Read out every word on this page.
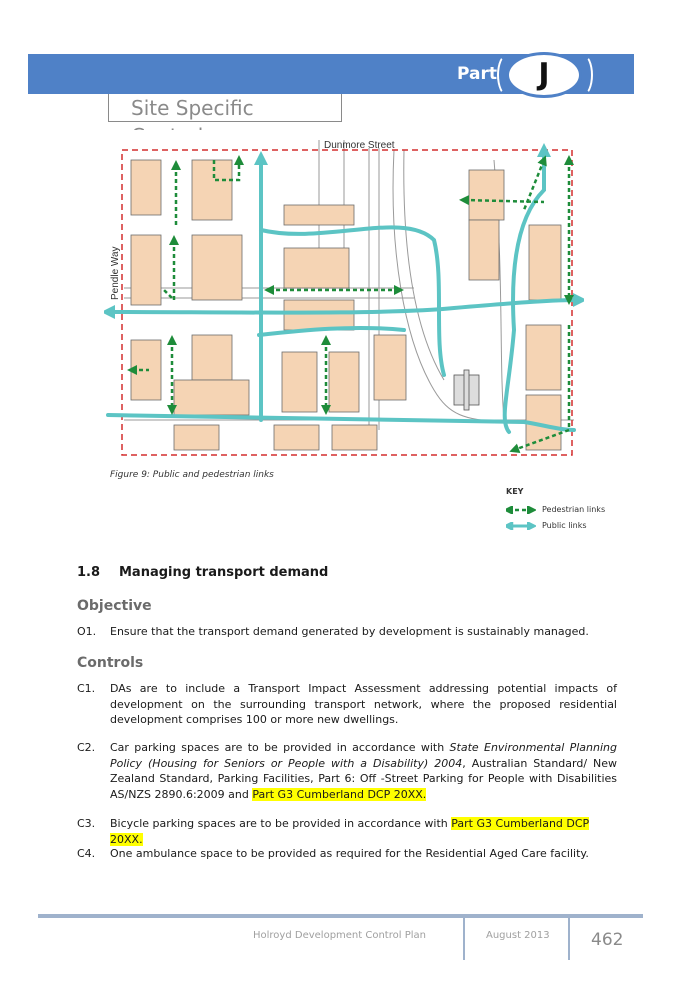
Part	J
Site Specific
Dunmore Street
Pendle Way
Figure 9: Public and pedestrian links
KEY
Pedestrian links
Public links
1.8 Managing transport demand
Objective
O1. Ensure that the transport demand generated by development is sustainably managed.
Controls
C1. DAs are to include a Transport Impact Assessment addressing potential impacts of development on the surrounding transport network, where the proposed residential development comprises 100 or more new dwellings.
C2. Car parking spaces are to be provided in accordance with State Environmental Planning Policy (Housing for Seniors or People with a Disability) 2004, Australian Standard/ New Zealand Standard, Parking Facilities, Part 6: Off -Street Parking for People with Disabilities AS/NZS 2890.6:2009 and Part G3 Cumberland DCP 20XX.
C3. Bicycle parking spaces are to be provided in accordance with Part G3 Cumberland DCP 20XX.
C4. One ambulance space to be provided as required for the Residential Aged Care facility.
Holroyd Development Control Plan	August 2013 462
